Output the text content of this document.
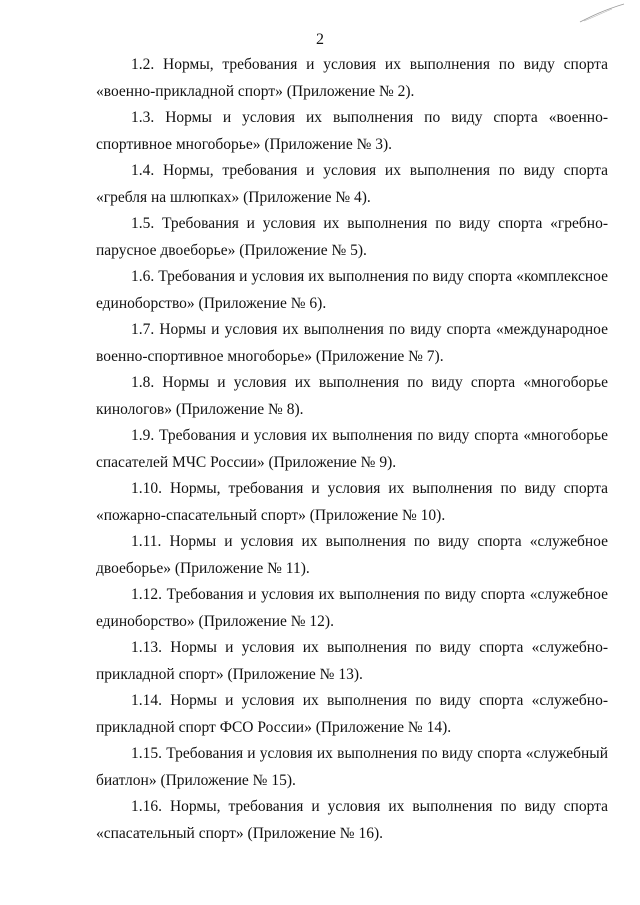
2

1.2. Нормы, требования и условия их выполнения по виду спорта «военно-прикладной спорт» (Приложение № 2).

1.3. Нормы и условия их выполнения по виду спорта «военно-спортивное многоборье» (Приложение № 3).

1.4. Нормы, требования и условия их выполнения по виду спорта «гребля на шлюпках» (Приложение № 4).

1.5. Требования и условия их выполнения по виду спорта «гребно-парусное двоеборье» (Приложение № 5).

1.6. Требования и условия их выполнения по виду спорта «комплексное единоборство» (Приложение № 6).

1.7. Нормы и условия их выполнения по виду спорта «международное военно-спортивное многоборье» (Приложение № 7).

1.8. Нормы и условия их выполнения по виду спорта «многоборье кинологов» (Приложение № 8).

1.9. Требования и условия их выполнения по виду спорта «многоборье спасателей МЧС России» (Приложение № 9).

1.10. Нормы, требования и условия их выполнения по виду спорта «пожарно-спасательный спорт» (Приложение № 10).

1.11. Нормы и условия их выполнения по виду спорта «служебное двоеборье» (Приложение № 11).

1.12. Требования и условия их выполнения по виду спорта «служебное единоборство» (Приложение № 12).

1.13. Нормы и условия их выполнения по виду спорта «служебно-прикладной спорт» (Приложение № 13).

1.14. Нормы и условия их выполнения по виду спорта «служебно-прикладной спорт ФСО России» (Приложение № 14).

1.15. Требования и условия их выполнения по виду спорта «служебный биатлон» (Приложение № 15).

1.16. Нормы, требования и условия их выполнения по виду спорта «спасательный спорт» (Приложение № 16).
